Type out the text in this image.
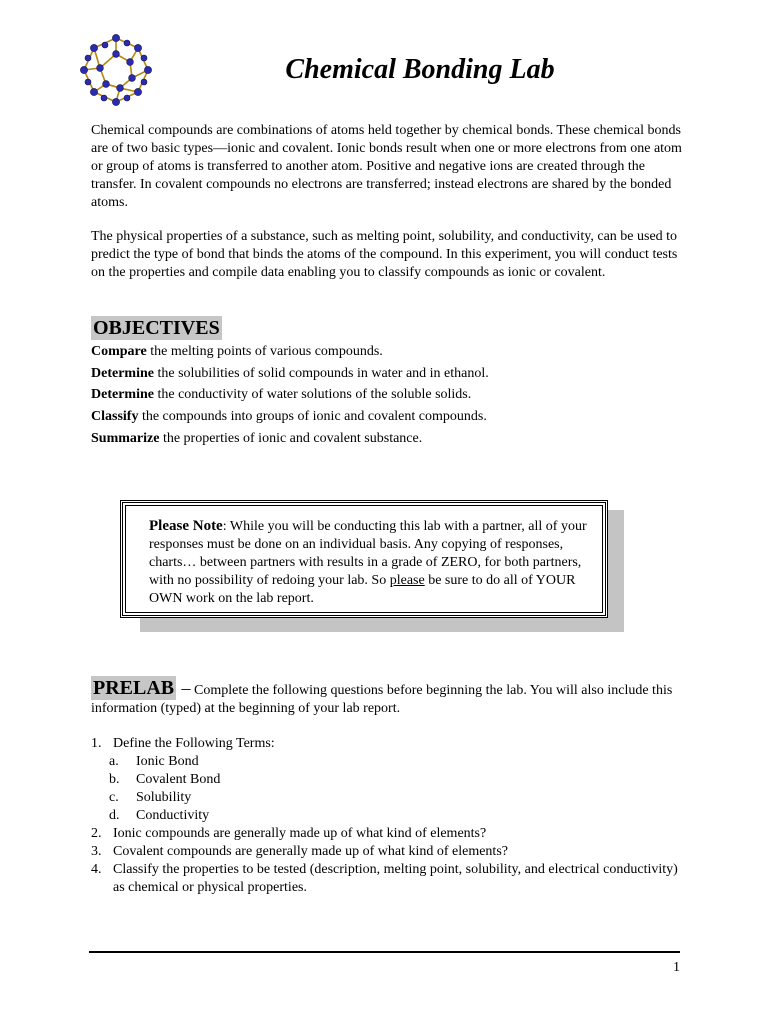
Chemical Bonding Lab

Chemical compounds are combinations of atoms held together by chemical bonds. These chemical bonds are of two basic types—ionic and covalent. Ionic bonds result when one or more electrons from one atom or group of atoms is transferred to another atom. Positive and negative ions are created through the transfer. In covalent compounds no electrons are transferred; instead electrons are shared by the bonded atoms.

The physical properties of a substance, such as melting point, solubility, and conductivity, can be used to predict the type of bond that binds the atoms of the compound. In this experiment, you will conduct tests on the properties and compile data enabling you to classify compounds as ionic or covalent.

OBJECTIVES
Compare the melting points of various compounds.
Determine the solubilities of solid compounds in water and in ethanol.
Determine the conductivity of water solutions of the soluble solids.
Classify the compounds into groups of ionic and covalent compounds.
Summarize the properties of ionic and covalent substance.

Please Note: While you will be conducting this lab with a partner, all of your responses must be done on an individual basis. Any copying of responses, charts… between partners with results in a grade of ZERO, for both partners, with no possibility of redoing your lab. So please be sure to do all of YOUR OWN work on the lab report.

PRELAB – Complete the following questions before beginning the lab. You will also include this information (typed) at the beginning of your lab report.

1. Define the Following Terms:
a. Ionic Bond
b. Covalent Bond
c. Solubility
d. Conductivity
2. Ionic compounds are generally made up of what kind of elements?
3. Covalent compounds are generally made up of what kind of elements?
4. Classify the properties to be tested (description, melting point, solubility, and electrical conductivity) as chemical or physical properties.
1
